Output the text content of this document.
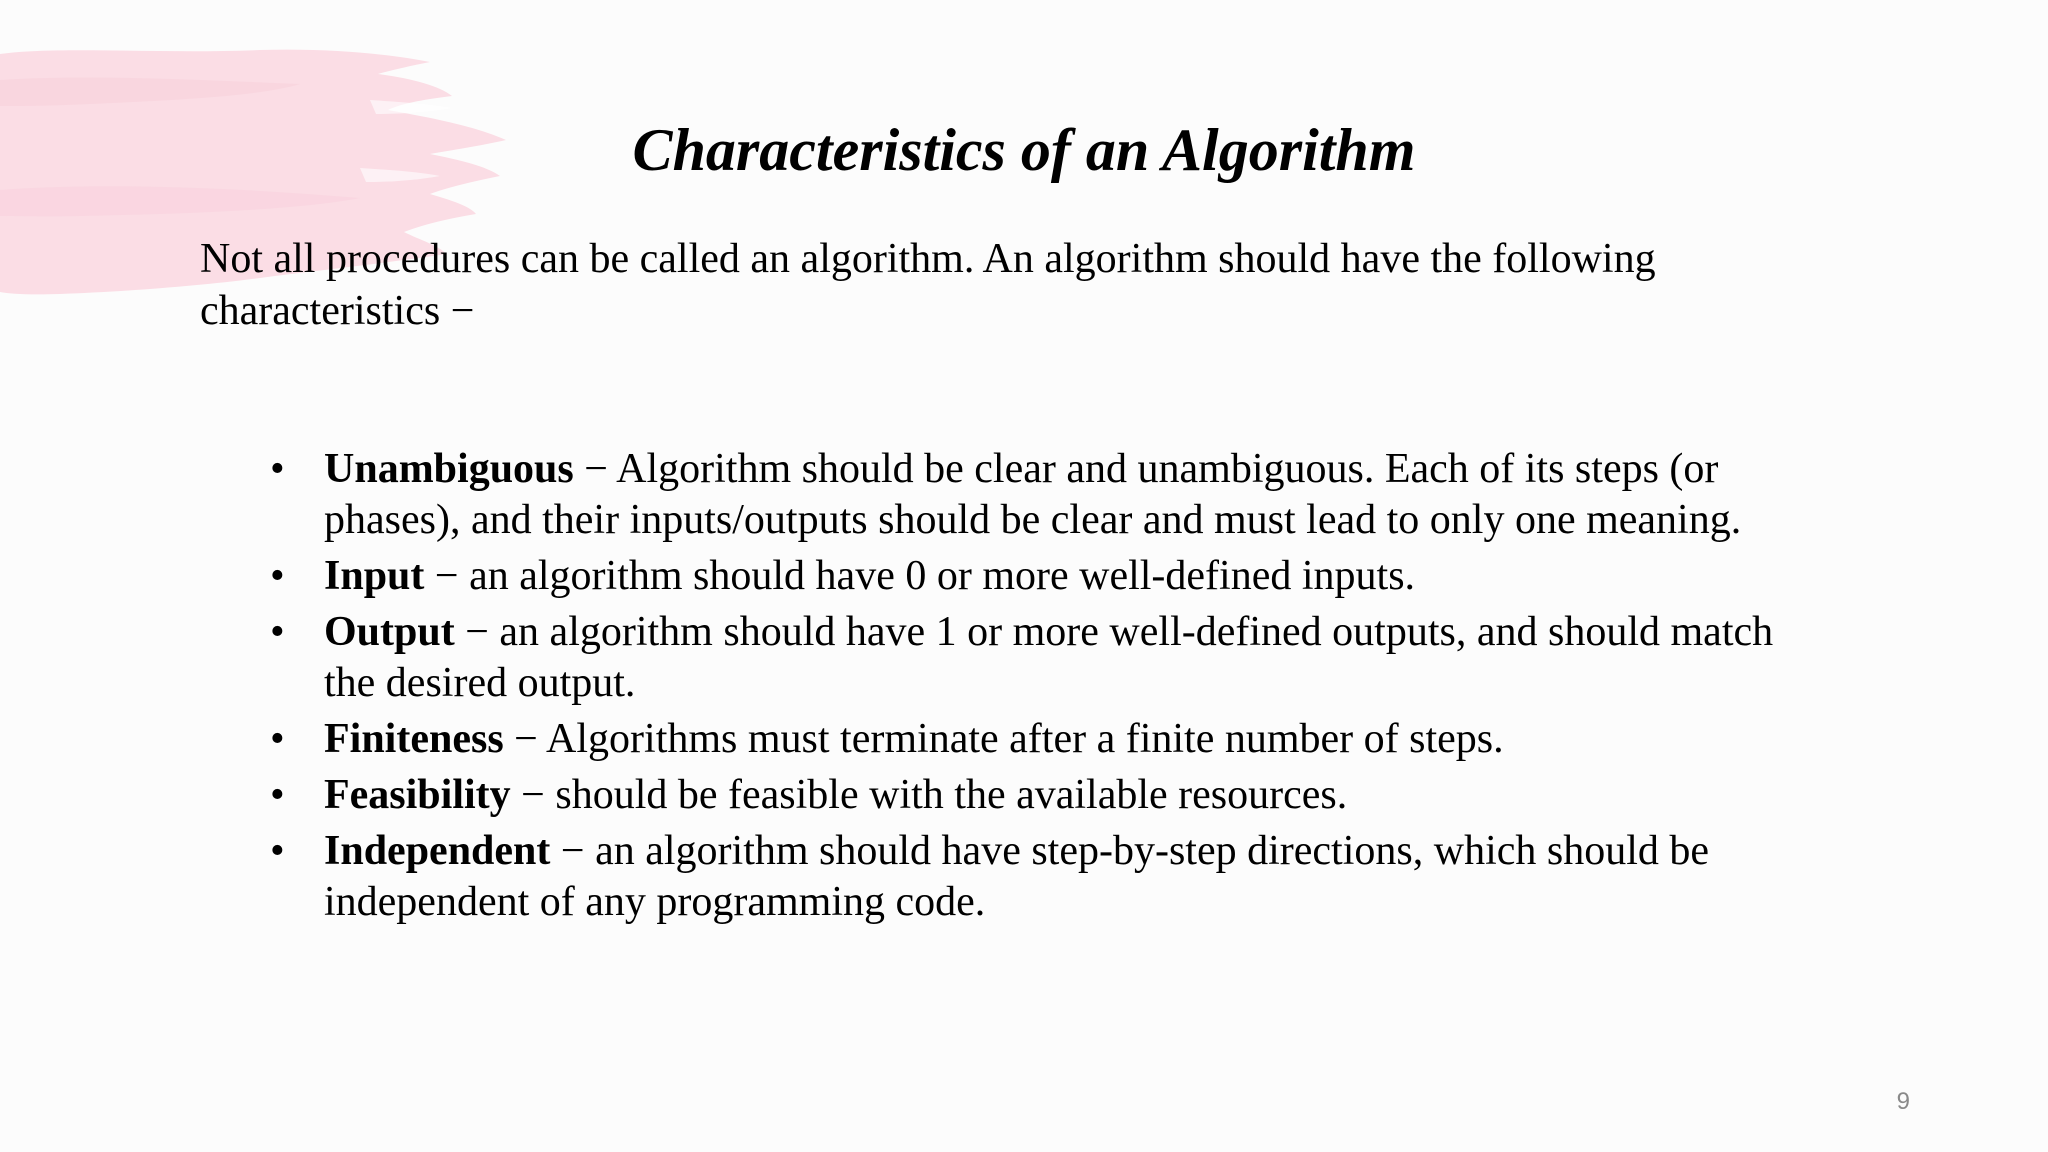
Characteristics of an Algorithm

Not all procedures can be called an algorithm. An algorithm should have the following characteristics −

• Unambiguous − Algorithm should be clear and unambiguous. Each of its steps (or phases), and their inputs/outputs should be clear and must lead to only one meaning.
• Input − an algorithm should have 0 or more well-defined inputs.
• Output − an algorithm should have 1 or more well-defined outputs, and should match the desired output.
• Finiteness − Algorithms must terminate after a finite number of steps.
• Feasibility − should be feasible with the available resources.
• Independent − an algorithm should have step-by-step directions, which should be independent of any programming code.
9
